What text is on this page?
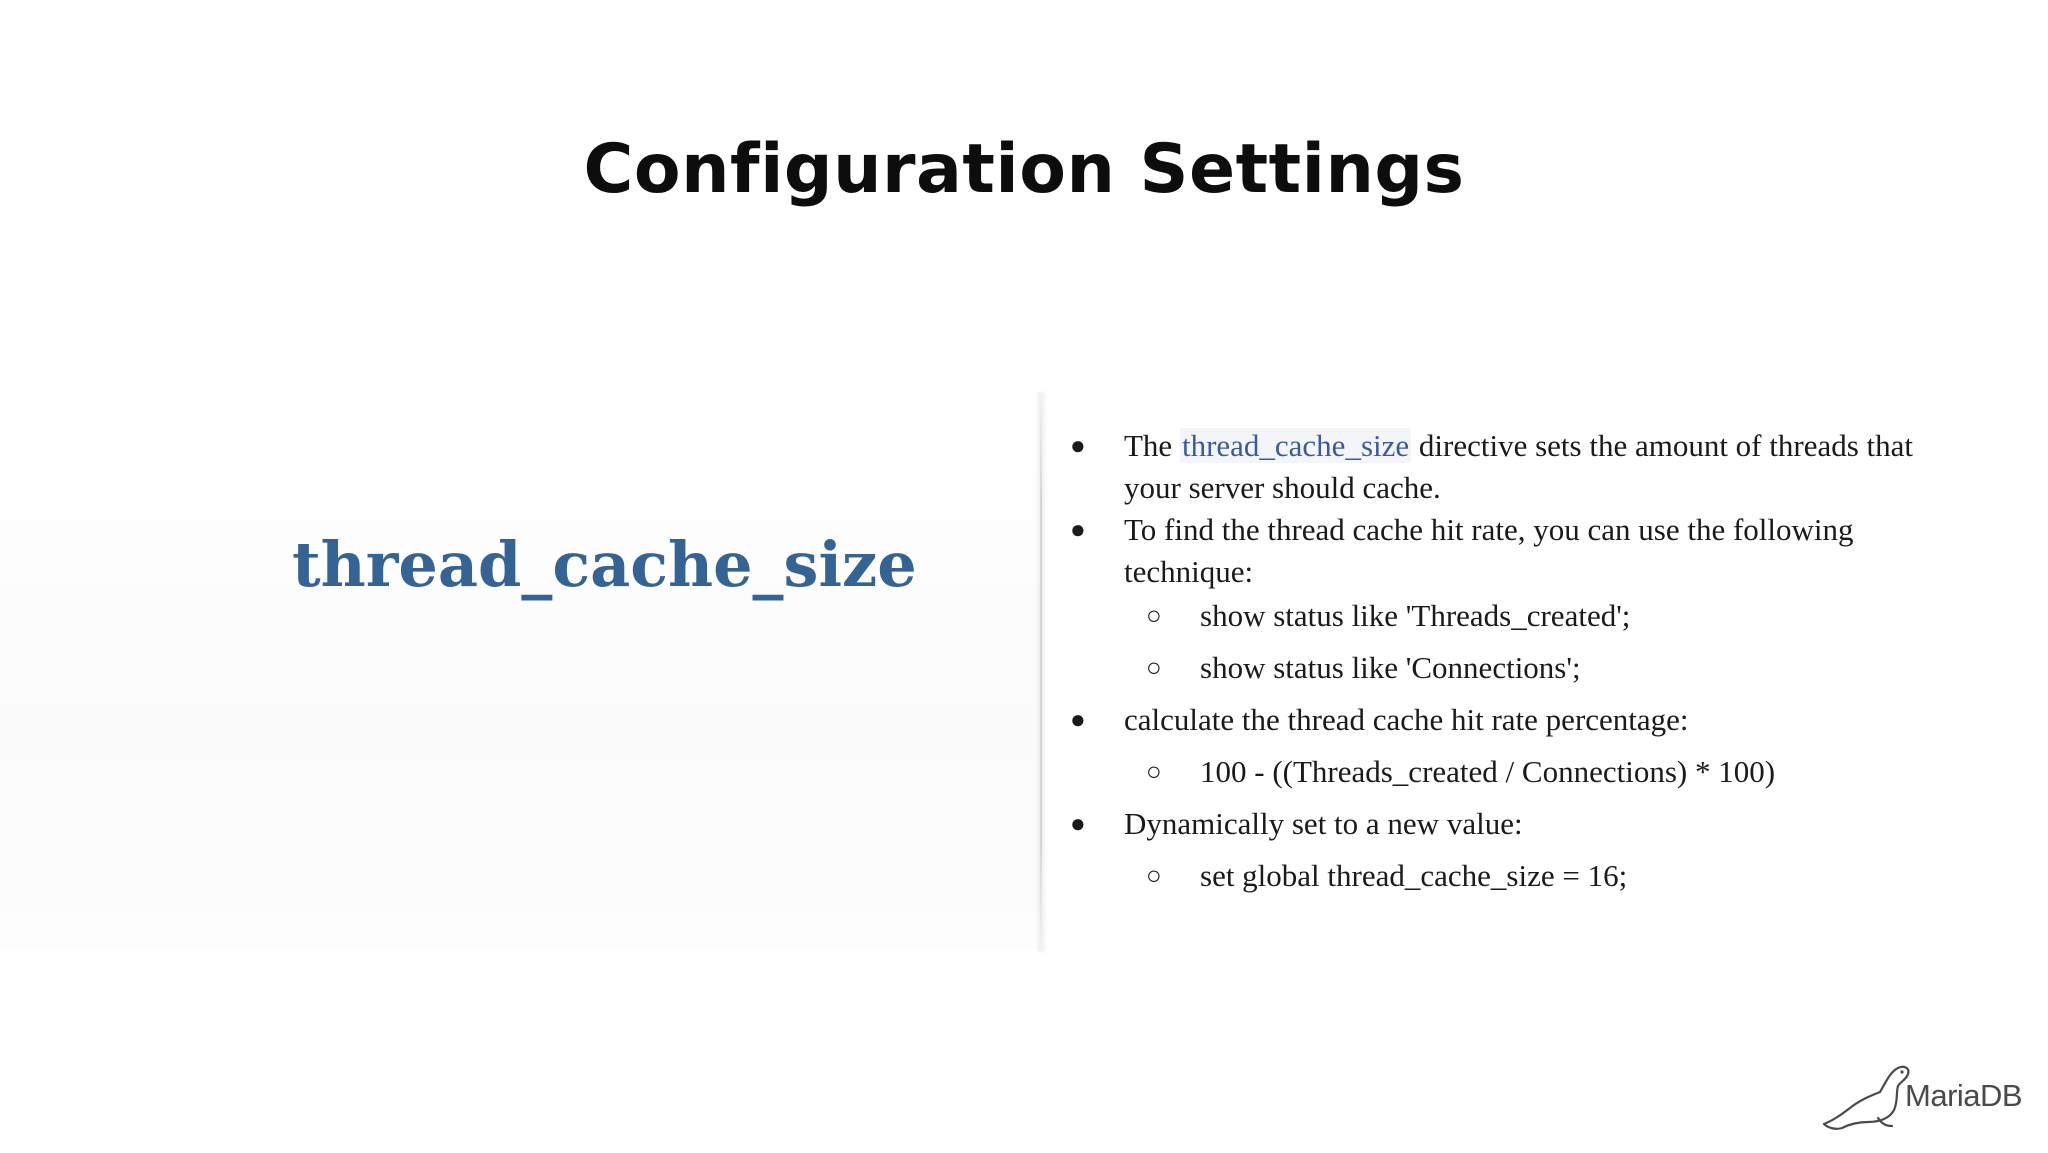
Configuration Settings
thread_cache_size
● The thread_cache_size directive sets the amount of threads that your server should cache.
● To find the thread cache hit rate, you can use the following technique:
○ show status like 'Threads_created';
○ show status like 'Connections';
● calculate the thread cache hit rate percentage:
○ 100 - ((Threads_created / Connections) * 100)
● Dynamically set to a new value:
○ set global thread_cache_size = 16;
MariaDB
